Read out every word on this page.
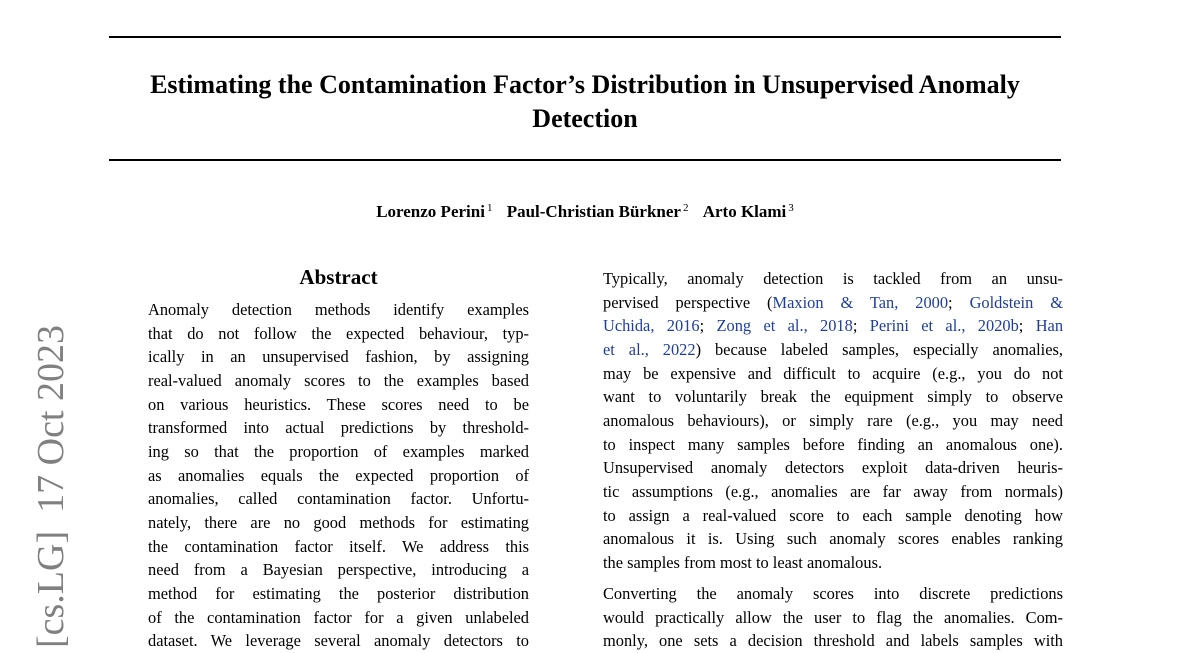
Estimating the Contamination Factor’s Distribution in Unsupervised Anomaly
Detection
Lorenzo Perini $^1$ Paul-Christian Bürkner $^2$ Arto Klami $^3$
[cs.LG]17 Oct 2023
Abstract
Anomaly detection methods identify examples
that do not follow the expected behaviour, typ-
ically in an unsupervised fashion, by assigning
real-valued anomaly scores to the examples based
on various heuristics. These scores need to be
transformed into actual predictions by threshold-
ing so that the proportion of examples marked
as anomalies equals the expected proportion of
anomalies, called contamination factor. Unfortu-
nately, there are no good methods for estimating
the contamination factor itself. We address this
need from a Bayesian perspective, introducing a
method for estimating the posterior distribution
of the contamination factor for a given unlabeled
dataset. We leverage several anomaly detectors to
Typically, anomaly detection is tackled from an unsu-
pervised perspective (Maxion & Tan, 2000; Goldstein &
Uchida, 2016; Zong et al., 2018; Perini et al., 2020b; Han
et al., 2022) because labeled samples, especially anomalies,
may be expensive and difficult to acquire (e.g., you do not
want to voluntarily break the equipment simply to observe
anomalous behaviours), or simply rare (e.g., you may need
to inspect many samples before finding an anomalous one).
Unsupervised anomaly detectors exploit data-driven heuris-
tic assumptions (e.g., anomalies are far away from normals)
to assign a real-valued score to each sample denoting how
anomalous it is. Using such anomaly scores enables ranking
the samples from most to least anomalous.
Converting the anomaly scores into discrete predictions
would practically allow the user to flag the anomalies. Com-
monly, one sets a decision threshold and labels samples with
